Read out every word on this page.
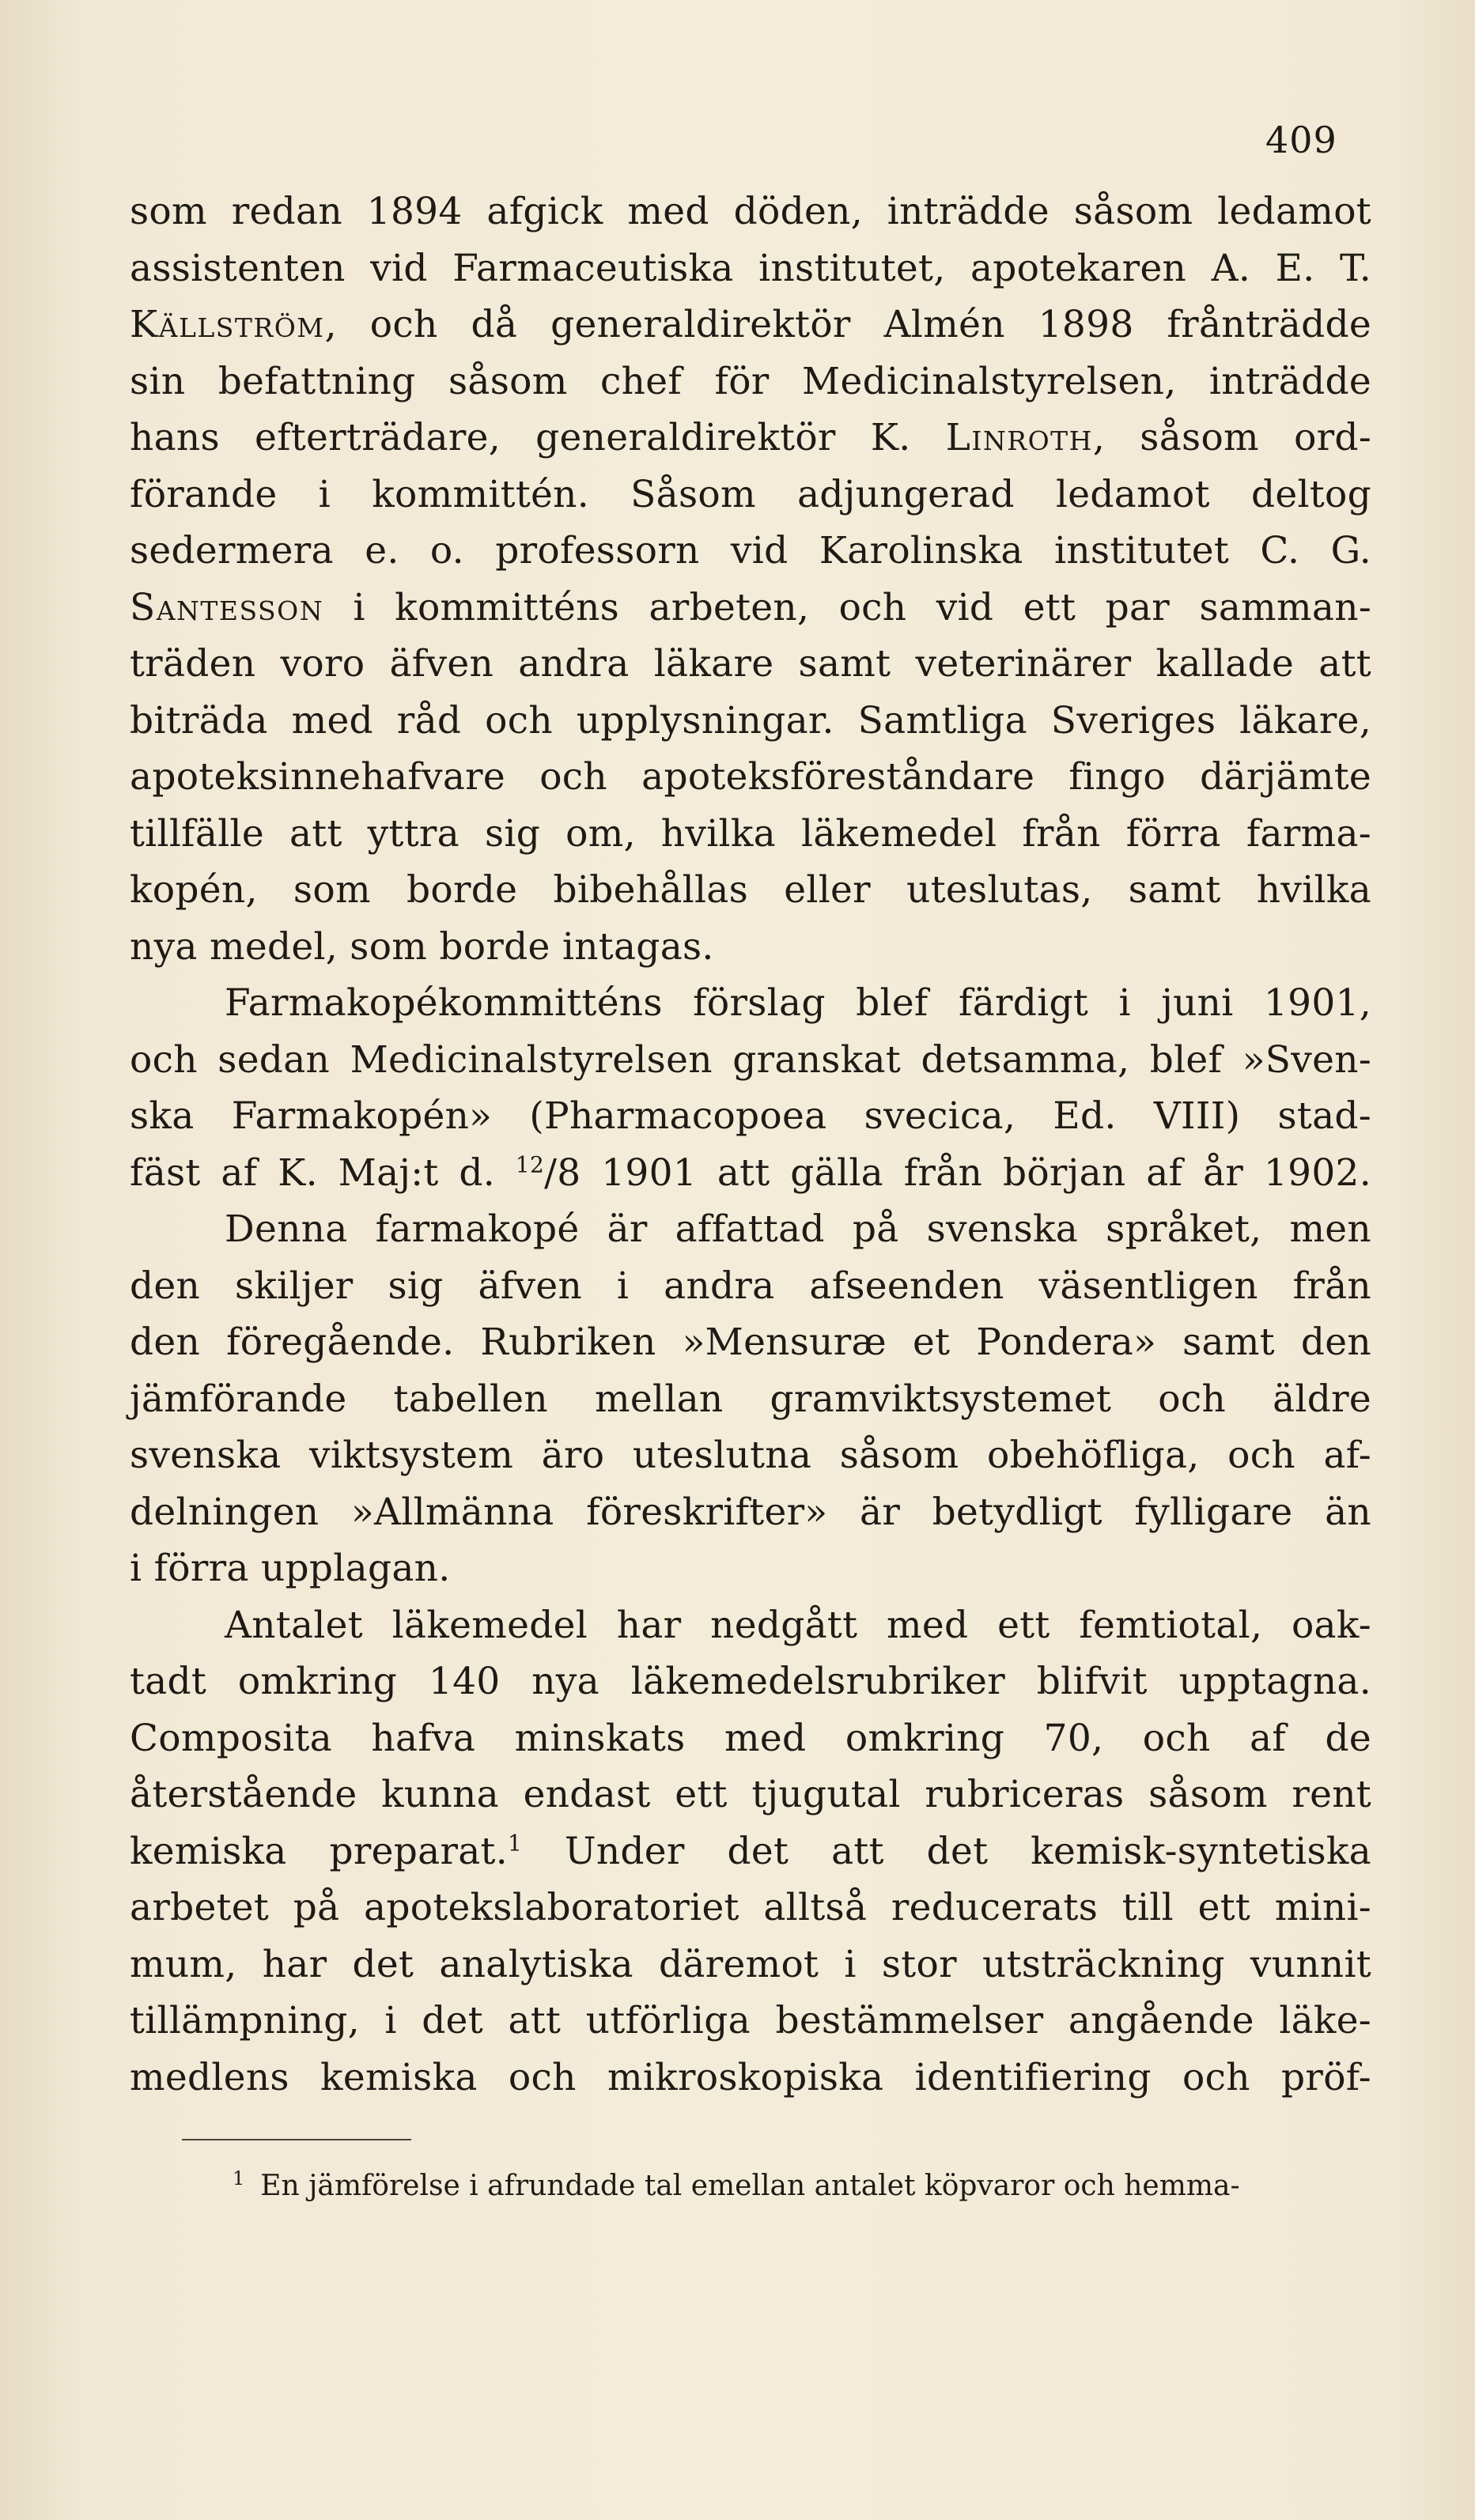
409
som redan 1894 afgick med döden, inträdde såsom ledamot
assistenten vid Farmaceutiska institutet, apotekaren A. E. T.
Källström, och då generaldirektör Almén 1898 frånträdde
sin befattning såsom chef för Medicinalstyrelsen, inträdde
hans efterträdare, generaldirektör K. Linroth, såsom ord-
förande i kommittén. Såsom adjungerad ledamot deltog
sedermera e. o. professorn vid Karolinska institutet C. G.
Santesson i kommitténs arbeten, och vid ett par samman-
träden voro äfven andra läkare samt veterinärer kallade att
biträda med råd och upplysningar. Samtliga Sveriges läkare,
apoteksinnehafvare och apoteksföreståndare fingo därjämte
tillfälle att yttra sig om, hvilka läkemedel från förra farma-
kopén, som borde bibehållas eller uteslutas, samt hvilka
nya medel, som borde intagas.
Farmakopékommitténs förslag blef färdigt i juni 1901,
och sedan Medicinalstyrelsen granskat detsamma, blef »Sven-
ska Farmakopén» (Pharmacopoea svecica, Ed. VIII) stad-
fäst af K. Maj:t d. $^{12}$/8 1901 att gälla från början af år 1902.
Denna farmakopé är affattad på svenska språket, men
den skiljer sig äfven i andra afseenden väsentligen från
den föregående. Rubriken »Mensuræ et Pondera» samt den
jämförande tabellen mellan gramviktsystemet och äldre
svenska viktsystem äro uteslutna såsom obehöfliga, och af-
delningen »Allmänna föreskrifter» är betydligt fylligare än
i förra upplagan.
Antalet läkemedel har nedgått med ett femtiotal, oak-
tadt omkring 140 nya läkemedelsrubriker blifvit upptagna.
Composita hafva minskats med omkring 70, och af de
återstående kunna endast ett tjugutal rubriceras såsom rent
kemiska preparat.$^1$ Under det att det kemisk-syntetiska
arbetet på apotekslaboratoriet alltså reducerats till ett mini-
mum, har det analytiska däremot i stor utsträckning vunnit
tillämpning, i det att utförliga bestämmelser angående läke-
medlens kemiska och mikroskopiska identifiering och pröf-
$^1$ En jämförelse i afrundade tal emellan antalet köpvaror och hemma-
